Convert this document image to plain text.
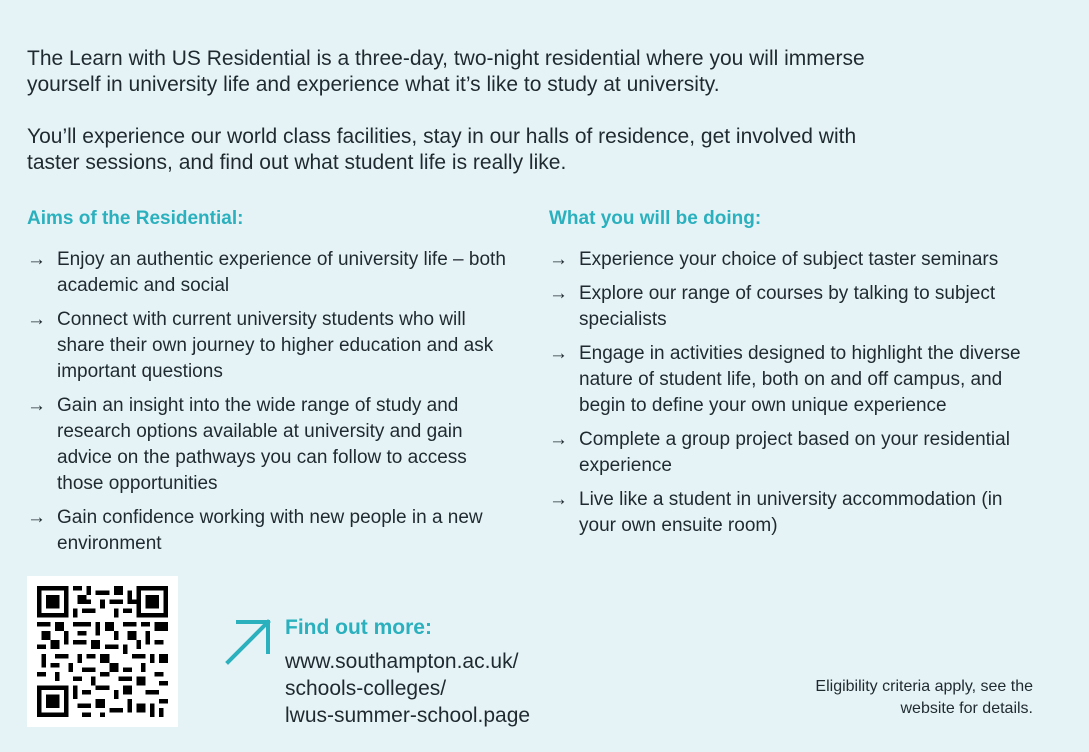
The Learn with US Residential is a three-day, two-night residential where you will immerse yourself in university life and experience what it’s like to study at university.

You’ll experience our world class facilities, stay in our halls of residence, get involved with taster sessions, and find out what student life is really like.

Aims of the Residential:
→ Enjoy an authentic experience of university life – both academic and social
→ Connect with current university students who will share their own journey to higher education and ask important questions
→ Gain an insight into the wide range of study and research options available at university and gain advice on the pathways you can follow to access those opportunities
→ Gain confidence working with new people in a new environment
What you will be doing:
→ Experience your choice of subject taster seminars
→ Explore our range of courses by talking to subject specialists
→ Engage in activities designed to highlight the diverse nature of student life, both on and off campus, and begin to define your own unique experience
→ Complete a group project based on your residential experience
→ Live like a student in university accommodation (in your own ensuite room)
Find out more:
www.southampton.ac.uk/
schools-colleges/
lwus-summer-school.page
Eligibility criteria apply, see the website for details.
